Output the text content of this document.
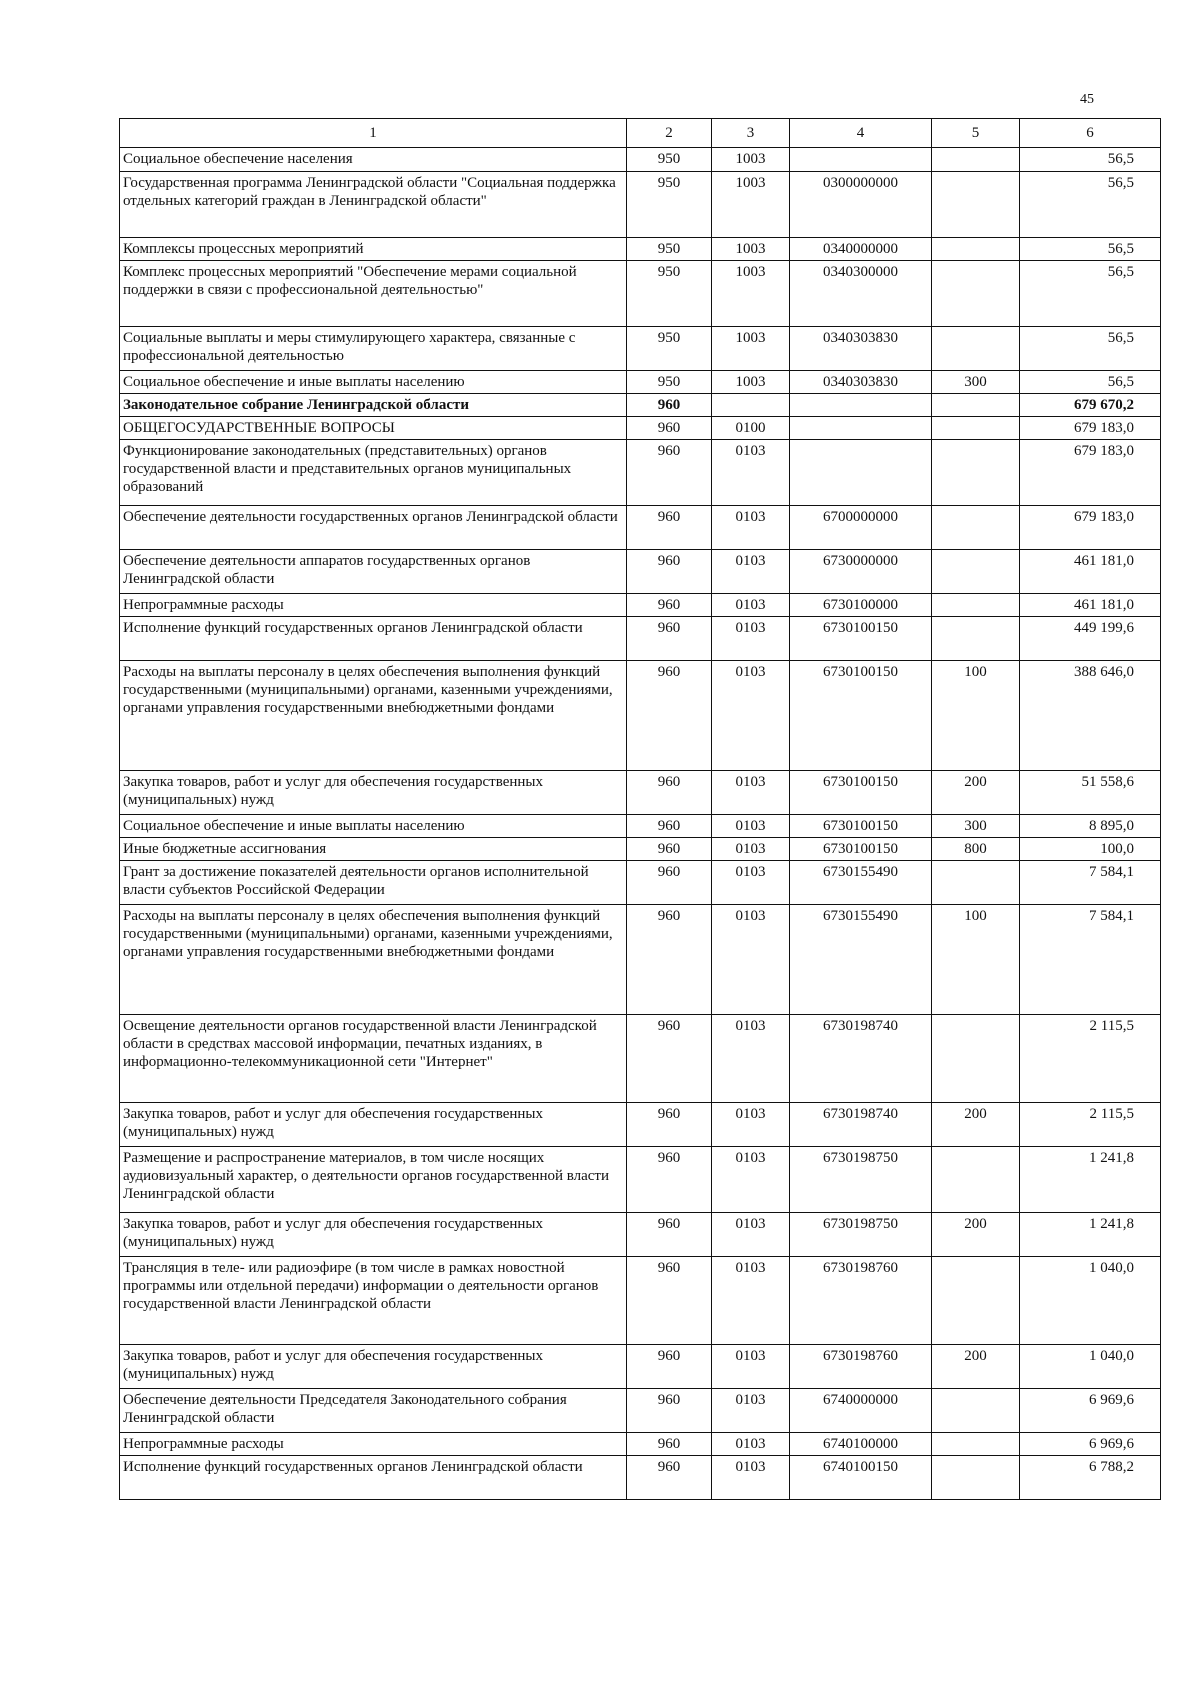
45
1	2	3	4	5	6
Социальное обеспечение населения	950	1003			56,5
Государственная программа Ленинградской области "Социальная поддержка отдельных категорий граждан в Ленинградской области"	950	1003	0300000000		56,5
Комплексы процессных мероприятий	950	1003	0340000000		56,5
Комплекс процессных мероприятий "Обеспечение мерами социальной поддержки в связи с профессиональной деятельностью"	950	1003	0340300000		56,5
Социальные выплаты и меры стимулирующего характера, связанные с профессиональной деятельностью	950	1003	0340303830		56,5
Социальное обеспечение и иные выплаты населению	950	1003	0340303830	300	56,5
Законодательное собрание Ленинградской области	960				679 670,2
ОБЩЕГОСУДАРСТВЕННЫЕ ВОПРОСЫ	960	0100			679 183,0
Функционирование законодательных (представительных) органов государственной власти и представительных органов муниципальных образований	960	0103			679 183,0
Обеспечение деятельности государственных органов Ленинградской области	960	0103	6700000000		679 183,0
Обеспечение деятельности аппаратов государственных органов Ленинградской области	960	0103	6730000000		461 181,0
Непрограммные расходы	960	0103	6730100000		461 181,0
Исполнение функций государственных органов Ленинградской области	960	0103	6730100150		449 199,6
Расходы на выплаты персоналу в целях обеспечения выполнения функций государственными (муниципальными) органами, казенными учреждениями, органами управления государственными внебюджетными фондами	960	0103	6730100150	100	388 646,0
Закупка товаров, работ и услуг для обеспечения государственных (муниципальных) нужд	960	0103	6730100150	200	51 558,6
Социальное обеспечение и иные выплаты населению	960	0103	6730100150	300	8 895,0
Иные бюджетные ассигнования	960	0103	6730100150	800	100,0
Грант за достижение показателей деятельности органов исполнительной власти субъектов Российской Федерации	960	0103	6730155490		7 584,1
Расходы на выплаты персоналу в целях обеспечения выполнения функций государственными (муниципальными) органами, казенными учреждениями, органами управления государственными внебюджетными фондами	960	0103	6730155490	100	7 584,1
Освещение деятельности органов государственной власти Ленинградской области в средствах массовой информации, печатных изданиях, в информационно-телекоммуникационной сети "Интернет"	960	0103	6730198740		2 115,5
Закупка товаров, работ и услуг для обеспечения государственных (муниципальных) нужд	960	0103	6730198740	200	2 115,5
Размещение и распространение материалов, в том числе носящих аудиовизуальный характер, о деятельности органов государственной власти Ленинградской области	960	0103	6730198750		1 241,8
Закупка товаров, работ и услуг для обеспечения государственных (муниципальных) нужд	960	0103	6730198750	200	1 241,8
Трансляция в теле- или радиоэфире (в том числе в рамках новостной программы или отдельной передачи) информации о деятельности органов государственной власти Ленинградской области	960	0103	6730198760		1 040,0
Закупка товаров, работ и услуг для обеспечения государственных (муниципальных) нужд	960	0103	6730198760	200	1 040,0
Обеспечение деятельности Председателя Законодательного собрания Ленинградской области	960	0103	6740000000		6 969,6
Непрограммные расходы	960	0103	6740100000		6 969,6
Исполнение функций государственных органов Ленинградской области	960	0103	6740100150		6 788,2
